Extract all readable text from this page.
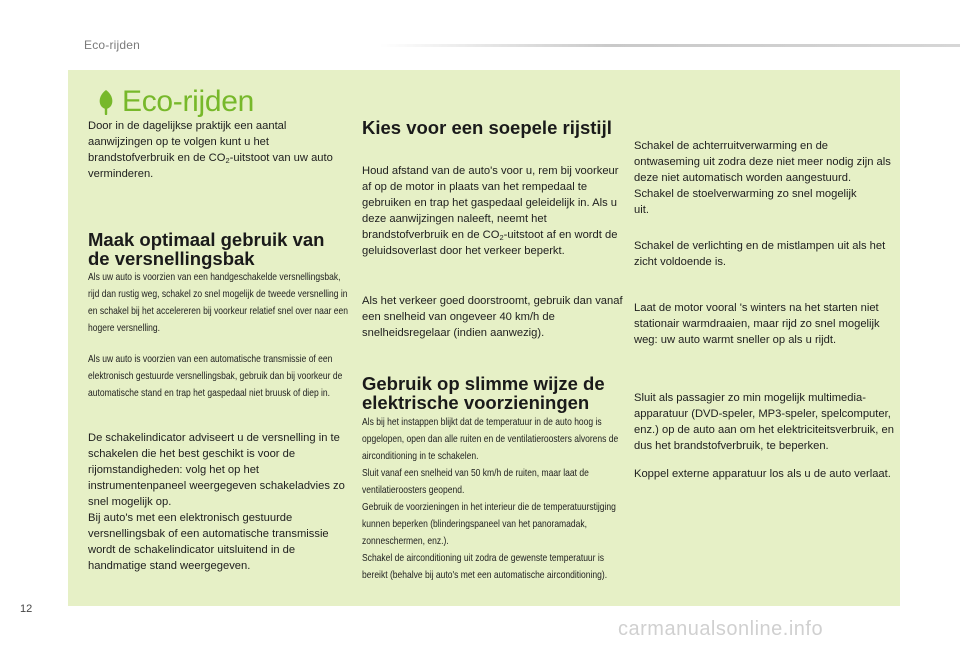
Eco-rijden
Eco-rijden

Door in de dagelijkse praktijk een aantal aanwijzingen op te volgen kunt u het brandstofverbruik en de $CO_2$-uitstoot van uw auto verminderen.

Maak optimaal gebruik van de versnellingsbak

Als uw auto is voorzien van een handgeschakelde versnellingsbak, rijd dan rustig weg, schakel zo snel mogelijk de tweede versnelling in en schakel bij het accelereren bij voorkeur relatief snel over naar een hogere versnelling.

Als uw auto is voorzien van een automatische transmissie of een elektronisch gestuurde versnellingsbak, gebruik dan bij voorkeur de automatische stand en trap het gaspedaal niet bruusk of diep in.

De schakelindicator adviseert u de versnelling in te schakelen die het best geschikt is voor de rijomstandigheden: volg het op het instrumentenpaneel weergegeven schakeladvies zo snel mogelijk op.

Bij auto's met een elektronisch gestuurde versnellingsbak of een automatische transmissie wordt de schakelindicator uitsluitend in de handmatige stand weergegeven.

Kies voor een soepele rijstijl

Houd afstand van de auto's voor u, rem bij voorkeur af op de motor in plaats van het rempedaal te gebruiken en trap het gaspedaal geleidelijk in. Als u deze aanwijzingen naleeft, neemt het brandstofverbruik en de $CO_2$-uitstoot af en wordt de geluidsoverlast door het verkeer beperkt.

Als het verkeer goed doorstroomt, gebruik dan vanaf een snelheid van ongeveer 40 km/h de snelheidsregelaar (indien aanwezig).

Gebruik op slimme wijze de elektrische voorzieningen

Als bij het instappen blijkt dat de temperatuur in de auto hoog is opgelopen, open dan alle ruiten en de ventilatieroosters alvorens de airconditioning in te schakelen.

Sluit vanaf een snelheid van 50 km/h de ruiten, maar laat de ventilatieroosters geopend.

Gebruik de voorzieningen in het interieur die de temperatuurstijging kunnen beperken (blinderingspaneel van het panoramadak, zonneschermen, enz.).

Schakel de airconditioning uit zodra de gewenste temperatuur is bereikt (behalve bij auto's met een automatische airconditioning).

Schakel de achterruitverwarming en de ontwaseming uit zodra deze niet meer nodig zijn als deze niet automatisch worden aangestuurd.

Schakel de stoelverwarming zo snel mogelijk uit.

Schakel de verlichting en de mistlampen uit als het zicht voldoende is.

Laat de motor vooral 's winters na het starten niet stationair warmdraaien, maar rijd zo snel mogelijk weg: uw auto warmt sneller op als u rijdt.

Sluit als passagier zo min mogelijk multimedia-apparatuur (DVD-speler, MP3-speler, spelcomputer, enz.) op de auto aan om het elektriciteitsverbruik, en dus het brandstofverbruik, te beperken.

Koppel externe apparatuur los als u de auto verlaat.

12
carmanualsonline.info
